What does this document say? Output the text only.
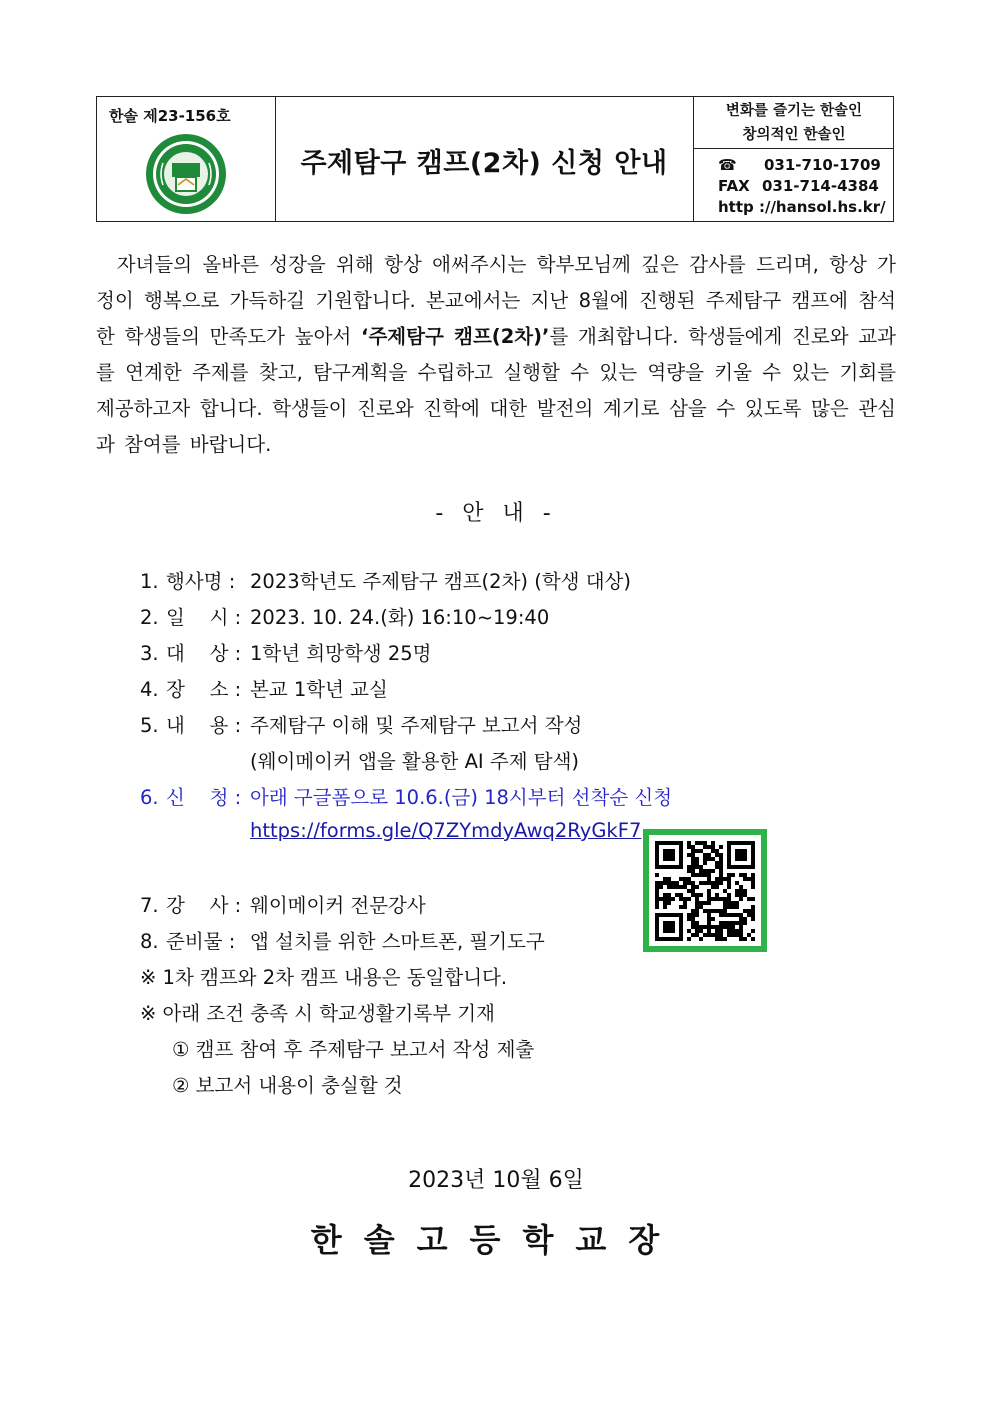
한솔 제23-156호
주제탐구 캠프(2차) 신청 안내
변화를 즐기는 한솔인
창의적인 한솔인
☎ 031-710-1709
FAX 031-714-4384
http ://hansol.hs.kr/
자녀들의 올바른 성장을 위해 항상 애써주시는 학부모님께 깊은 감사를 드리며, 항상 가정이 행복으로 가득하길 기원합니다. 본교에서는 지난 8월에 진행된 주제탐구 캠프에 참석한 학생들의 만족도가 높아서 ‘주제탐구 캠프(2차)’를 개최합니다. 학생들에게 진로와 교과를 연계한 주제를 찾고, 탐구계획을 수립하고 실행할 수 있는 역량을 키울 수 있는 기회를 제공하고자 합니다. 학생들이 진로와 진학에 대한 발전의 계기로 삼을 수 있도록 많은 관심과 참여를 바랍니다.
- 안 내 -
1. 행사명 : 2023학년도 주제탐구 캠프(2차) (학생 대상)
2. 일    시 : 2023. 10. 24.(화) 16:10~19:40
3. 대    상 : 1학년 희망학생 25명
4. 장    소 : 본교 1학년 교실
5. 내    용 : 주제탐구 이해 및 주제탐구 보고서 작성
(웨이메이커 앱을 활용한 AI 주제 탐색)
6. 신    청 : 아래 구글폼으로 10.6.(금) 18시부터 선착순 신청
https://forms.gle/Q7ZYmdyAwq2RyGkF7
7. 강    사 : 웨이메이커 전문강사
8. 준비물 : 앱 설치를 위한 스마트폰, 필기도구
※ 1차 캠프와 2차 캠프 내용은 동일합니다.
※ 아래 조건 충족 시 학교생활기록부 기재
① 캠프 참여 후 주제탐구 보고서 작성 제출
② 보고서 내용이 충실할 것
2023년 10월 6일
한솔고등학교장
